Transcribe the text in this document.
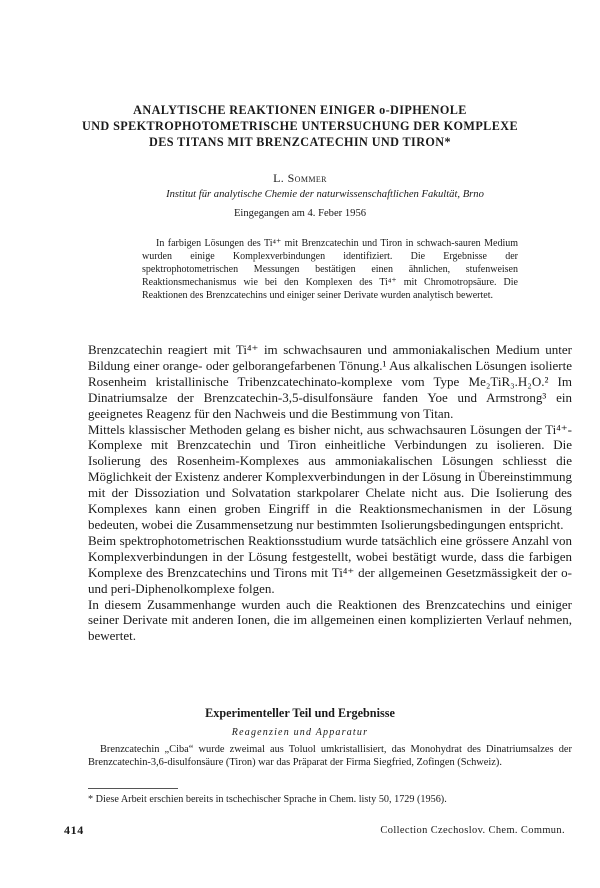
ANALYTISCHE REAKTIONEN EINIGER o-DIPHENOLE
UND SPEKTROPHOTOMETRISCHE UNTERSUCHUNG DER KOMPLEXE
DES TITANS MIT BRENZCATECHIN UND TIRON*
L. Sommer
Institut für analytische Chemie der naturwissenschaftlichen Fakultät, Brno
Eingegangen am 4. Feber 1956

In farbigen Lösungen des Ti⁴⁺ mit Brenzcatechin und Tiron in schwach-sauren Medium wurden einige Komplexverbindungen identifiziert. Die Ergebnisse der spektrophotometrischen Messungen bestätigen einen ähnlichen, stufenweisen Reaktionsmechanismus wie bei den Komplexen des Ti⁴⁺ mit Chromotropsäure. Die Reaktionen des Brenzcatechins und einiger seiner Derivate wurden analytisch bewertet.

Brenzcatechin reagiert mit Ti⁴⁺ im schwachsauren und ammoniakalischen Medium unter Bildung einer orange- oder gelborangefarbenen Tönung.¹ Aus alkalischen Lösungen isolierte Rosenheim kristallinische Tribenzcatechinato-komplexe vom Type Me₂TiR₃.H₂O.² Im Dinatriumsalze der Brenzcatechin-3,5-disulfonsäure fanden Yoe und Armstrong³ ein geeignetes Reagenz für den Nachweis und die Bestimmung von Titan.

Mittels klassischer Methoden gelang es bisher nicht, aus schwachsauren Lösungen der Ti⁴⁺-Komplexe mit Brenzcatechin und Tiron einheitliche Verbindungen zu isolieren. Die Isolierung des Rosenheim-Komplexes aus ammoniakalischen Lösungen schliesst die Möglichkeit der Existenz anderer Komplexverbindungen in der Lösung in Übereinstimmung mit der Dissoziation und Solvatation starkpolarer Chelate nicht aus. Die Isolierung des Komplexes kann einen groben Eingriff in die Reaktionsmechanismen in der Lösung bedeuten, wobei die Zusammensetzung nur bestimmten Isolierungsbedingungen entspricht.

Beim spektrophotometrischen Reaktionsstudium wurde tatsächlich eine grössere Anzahl von Komplexverbindungen in der Lösung festgestellt, wobei bestätigt wurde, dass die farbigen Komplexe des Brenzcatechins und Tirons mit Ti⁴⁺ der allgemeinen Gesetzmässigkeit der o- und peri-Diphenolkomplexe folgen.

In diesem Zusammenhange wurden auch die Reaktionen des Brenzcatechins und einiger seiner Derivate mit anderen Ionen, die im allgemeinen einen komplizierten Verlauf nehmen, bewertet.

Experimenteller Teil und Ergebnisse
Reagenzien und Apparatur

Brenzcatechin „Ciba“ wurde zweimal aus Toluol umkristallisiert, das Monohydrat des Dinatriumsalzes der Brenzcatechin-3,6-disulfonsäure (Tiron) war das Präparat der Firma Siegfried, Zofingen (Schweiz).

* Diese Arbeit erschien bereits in tschechischer Sprache in Chem. listy 50, 1729 (1956).
414	Collection Czechoslov. Chem. Commun.
